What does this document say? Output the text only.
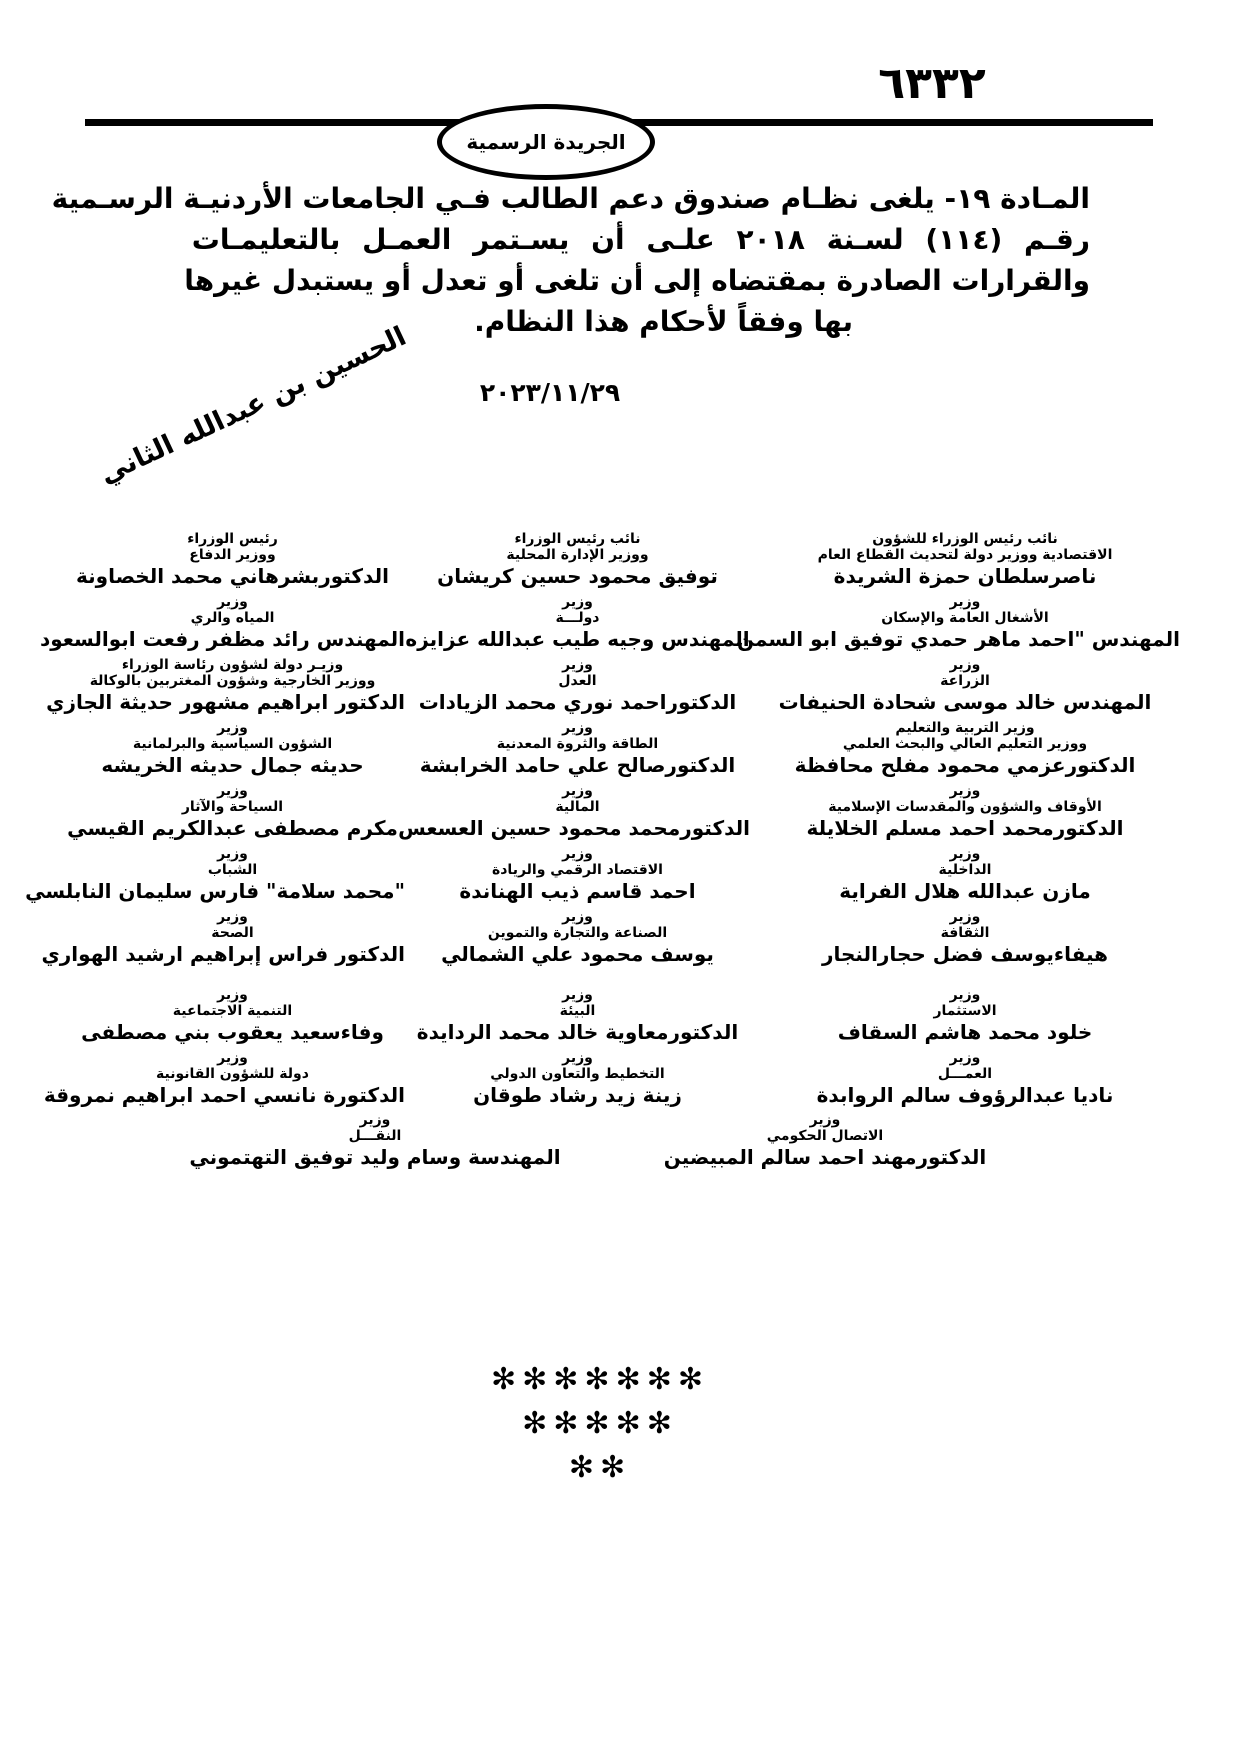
٦٣٣٢
الجريدة الرسمية
المـادة ١٩- يلغى نظـام صندوق دعم الطالب فـي الجامعات الأردنيـة الرسـمية
رقـم (١١٤) لسـنة ٢٠١٨ علـى أن يسـتمر العمـل بالتعليمـات
والقرارات الصادرة بمقتضاه إلى أن تلغى أو تعدل أو يستبدل غيرها
بها وفقاً لأحكام هذا النظام.
٢٠٢٣/١١/٢٩
الحسين بن عبدالله الثاني
نائب رئيس الوزراء للشؤون
الاقتصادية ووزير دولة لتحديث القطاع العام
ناصرسلطان حمزة الشريدة
نائب رئيس الوزراء
ووزير الإدارة المحلية
توفيق محمود حسين كريشان
رئيس الوزراء
ووزير الدفاع
الدكتوربشرهاني محمد الخصاونة
وزير
الأشغال العامة والإسكان
المهندس "احمد ماهر حمدي توفيق ابو السمن
وزير
دولـــة
المهندس وجيه طيب عبدالله عزايزه
وزير
المياه والري
المهندس رائد مظفر رفعت ابوالسعود
وزير
الزراعة
المهندس خالد موسى شحادة الحنيفات
وزير
العدل
الدكتوراحمد نوري محمد الزيادات
وزيـر دولة لشؤون رئاسة الوزراء
ووزير الخارجية وشؤون المغتربين بالوكالة
الدكتور ابراهيم مشهور حديثة الجازي
وزير التربية والتعليم
ووزير التعليم العالي والبحث العلمي
الدكتورعزمي محمود مفلح محافظة
وزير
الطاقة والثروة المعدنية
الدكتورصالح علي حامد الخرابشة
وزير
الشؤون السياسية والبرلمانية
حديثه جمال حديثه الخريشه
وزير
الأوقاف والشؤون والمقدسات الإسلامية
الدكتورمحمد احمد مسلم الخلايلة
وزير
المالية
الدكتورمحمد محمود حسين العسعس
وزير
السياحة والآثار
مكرم مصطفى عبدالكريم القيسي
وزير
الداخلية
مازن عبدالله هلال الفراية
وزير
الاقتصاد الرقمي والريادة
احمد قاسم ذيب الهناندة
وزير
الشباب
"محمد سلامة" فارس سليمان النابلسي
وزير
الثقافة
هيفاءيوسف فضل حجارالنجار
وزير
الصناعة والتجارة والتموين
يوسف محمود علي الشمالي
وزير
الصحة
الدكتور فراس إبراهيم ارشيد الهواري
وزير
الاستثمار
خلود محمد هاشم السقاف
وزير
البيئة
الدكتورمعاوية خالد محمد الردايدة
وزير
التنمية الاجتماعية
وفاءسعيد يعقوب بني مصطفى
وزير
العمـــل
ناديا عبدالرؤوف سالم الروابدة
وزير
التخطيط والتعاون الدولي
زينة زيد رشاد طوقان
وزير
دولة للشؤون القانونية
الدكتورة نانسي احمد ابراهيم نمروقة
وزير
الاتصال الحكومي
الدكتورمهند احمد سالم المبيضين
وزير
النقـــل
المهندسة وسام وليد توفيق التهتموني
✻✻✻✻✻✻✻
✻✻✻✻✻
✻✻
